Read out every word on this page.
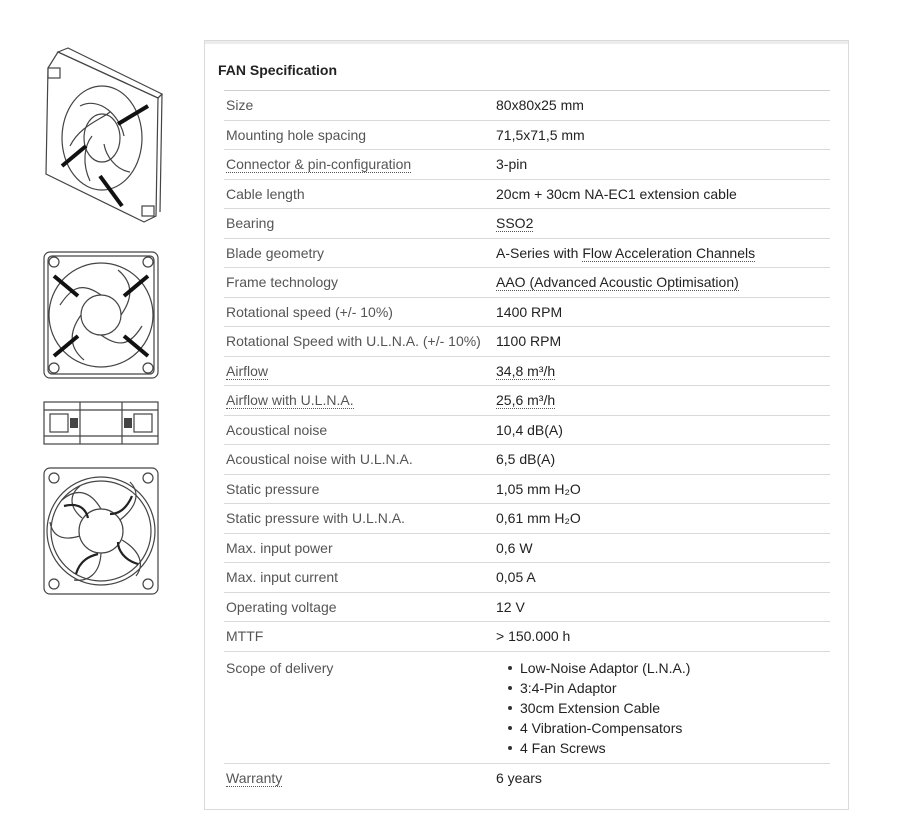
FAN Specification
Size	80x80x25 mm
Mounting hole spacing	71,5x71,5 mm
Connector & pin-configuration	3-pin
Cable length	20cm + 30cm NA-EC1 extension cable
Bearing	SSO2
Blade geometry	A-Series with Flow Acceleration Channels
Frame technology	AAO (Advanced Acoustic Optimisation)
Rotational speed (+/- 10%)	1400 RPM
Rotational Speed with U.L.N.A. (+/- 10%)	1100 RPM
Airflow	34,8 m³/h
Airflow with U.L.N.A.	25,6 m³/h
Acoustical noise	10,4 dB(A)
Acoustical noise with U.L.N.A.	6,5 dB(A)
Static pressure	1,05 mm H₂O
Static pressure with U.L.N.A.	0,61 mm H₂O
Max. input power	0,6 W
Max. input current	0,05 A
Operating voltage	12 V
MTTF	> 150.000 h
Scope of delivery	Low-Noise Adaptor (L.N.A.)
3:4-Pin Adaptor
30cm Extension Cable
4 Vibration-Compensators
4 Fan Screws
Warranty	6 years
